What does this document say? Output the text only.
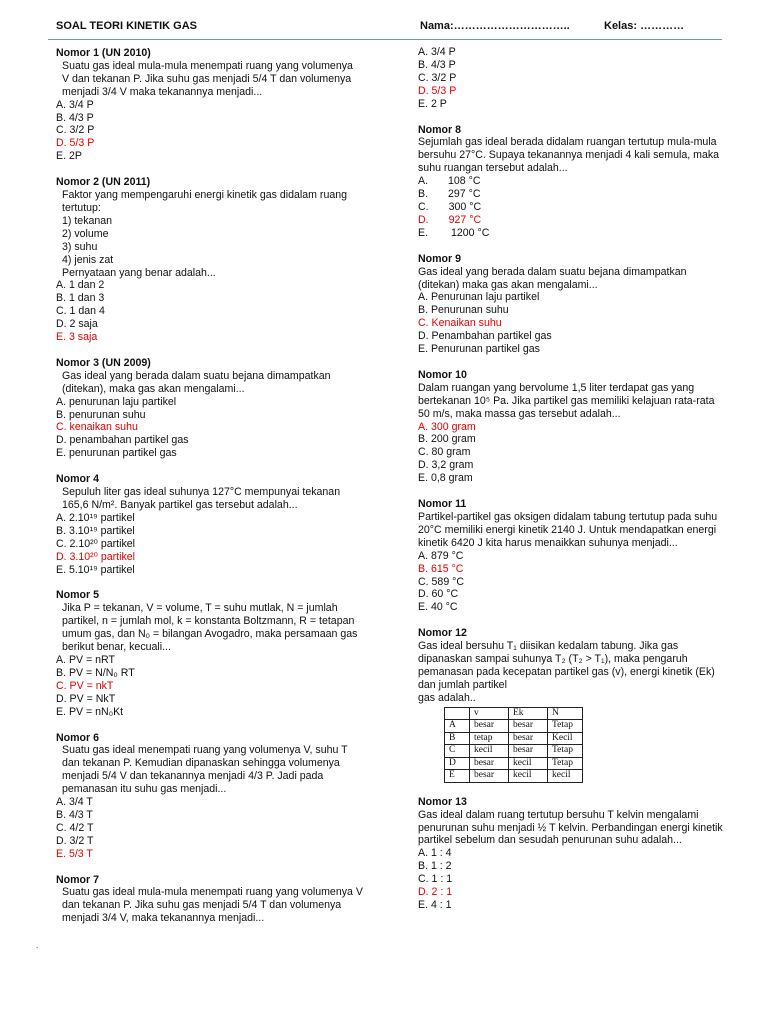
SOAL TEORI KINETIK GAS	Nama:…………………………..	Kelas: …………
Nomor 1 (UN 2010)
Suatu gas ideal mula-mula menempati ruang yang volumenya
V dan tekanan P. Jika suhu gas menjadi 5/4 T dan volumenya
menjadi 3/4 V maka tekanannya menjadi...
A. 3/4 P
B. 4/3 P
C. 3/2 P
D. 5/3 P
E. 2P
Nomor 2 (UN 2011)
Faktor yang mempengaruhi energi kinetik gas didalam ruang
tertutup:
1) tekanan
2) volume
3) suhu
4) jenis zat
Pernyataan yang benar adalah...
A. 1 dan 2
B. 1 dan 3
C. 1 dan 4
D. 2 saja
E. 3 saja
Nomor 3 (UN 2009)
Gas ideal yang berada dalam suatu bejana dimampatkan
(ditekan), maka gas akan mengalami...
A. penurunan laju partikel
B. penurunan suhu
C. kenaikan suhu
D. penambahan partikel gas
E. penurunan partikel gas
Nomor 4
Sepuluh liter gas ideal suhunya 127°C mempunyai tekanan
165,6 N/m². Banyak partikel gas tersebut adalah...
A. 2.10¹⁹ partikel
B. 3.10¹⁹ partikel
C. 2.10²⁰ partikel
D. 3.10²⁰ partikel
E. 5.10¹⁹ partikel
Nomor 5
Jika P = tekanan, V = volume, T = suhu mutlak, N = jumlah
partikel, n = jumlah mol, k = konstanta Boltzmann, R = tetapan
umum gas, dan N₀ = bilangan Avogadro, maka persamaan gas
berikut benar, kecuali...
A. PV = nRT
B. PV = N/N₀ RT
C. PV = nkT
D. PV = NkT
E. PV = nN₀Kt
Nomor 6
Suatu gas ideal menempati ruang yang volumenya V, suhu T
dan tekanan P. Kemudian dipanaskan sehingga volumenya
menjadi 5/4 V dan tekanannya menjadi 4/3 P. Jadi pada
pemanasan itu suhu gas menjadi...
A. 3/4 T
B. 4/3 T
C. 4/2 T
D. 3/2 T
E. 5/3 T
Nomor 7
Suatu gas ideal mula-mula menempati ruang yang volumenya V
dan tekanan P. Jika suhu gas menjadi 5/4 T dan volumenya
menjadi 3/4 V, maka tekanannya menjadi...
A. 3/4 P
B. 4/3 P
C. 3/2 P
D. 5/3 P
E. 2 P
Nomor 8
Sejumlah gas ideal berada didalam ruangan tertutup mula-mula
bersuhu 27°C. Supaya tekanannya menjadi 4 kali semula, maka
suhu ruangan tersebut adalah...
A. 108 °C
B. 297 °C
C. 300 °C
D. 927 °C
E. 1200 °C
Nomor 9
Gas ideal yang berada dalam suatu bejana dimampatkan
(ditekan) maka gas akan mengalami...
A. Penurunan laju partikel
B. Penurunan suhu
C. Kenaikan suhu
D. Penambahan partikel gas
E. Penurunan partikel gas
Nomor 10
Dalam ruangan yang bervolume 1,5 liter terdapat gas yang
bertekanan 10⁵ Pa. Jika partikel gas memiliki kelajuan rata-rata
50 m/s, maka massa gas tersebut adalah...
A. 300 gram
B. 200 gram
C. 80 gram
D. 3,2 gram
E. 0,8 gram
Nomor 11
Partikel-partikel gas oksigen didalam tabung tertutup pada suhu
20°C memiliki energi kinetik 2140 J. Untuk mendapatkan energi
kinetik 6420 J kita harus menaikkan suhunya menjadi...
A. 879 °C
B. 615 °C
C. 589 °C
D. 60 °C
E. 40 °C
Nomor 12
Gas ideal bersuhu T₁ diisikan kedalam tabung. Jika gas
dipanaskan sampai suhunya T₂ (T₂ > T₁), maka pengaruh
pemanasan pada kecepatan partikel gas (v), energi kinetik (Ek)
dan jumlah partikel
gas adalah..
	v	Ek	N
A	besar	besar	Tetap
B	tetap	besar	Kecil
C	kecil	besar	Tetap
D	besar	kecil	Tetap
E	besar	kecil	kecil
Nomor 13
Gas ideal dalam ruang tertutup bersuhu T kelvin mengalami
penurunan suhu menjadi ½ T kelvin. Perbandingan energi kinetik
partikel sebelum dan sesudah penurunan suhu adalah...
A. 1 : 4
B. 1 : 2
C. 1 : 1
D. 2 : 1
E. 4 : 1
.
